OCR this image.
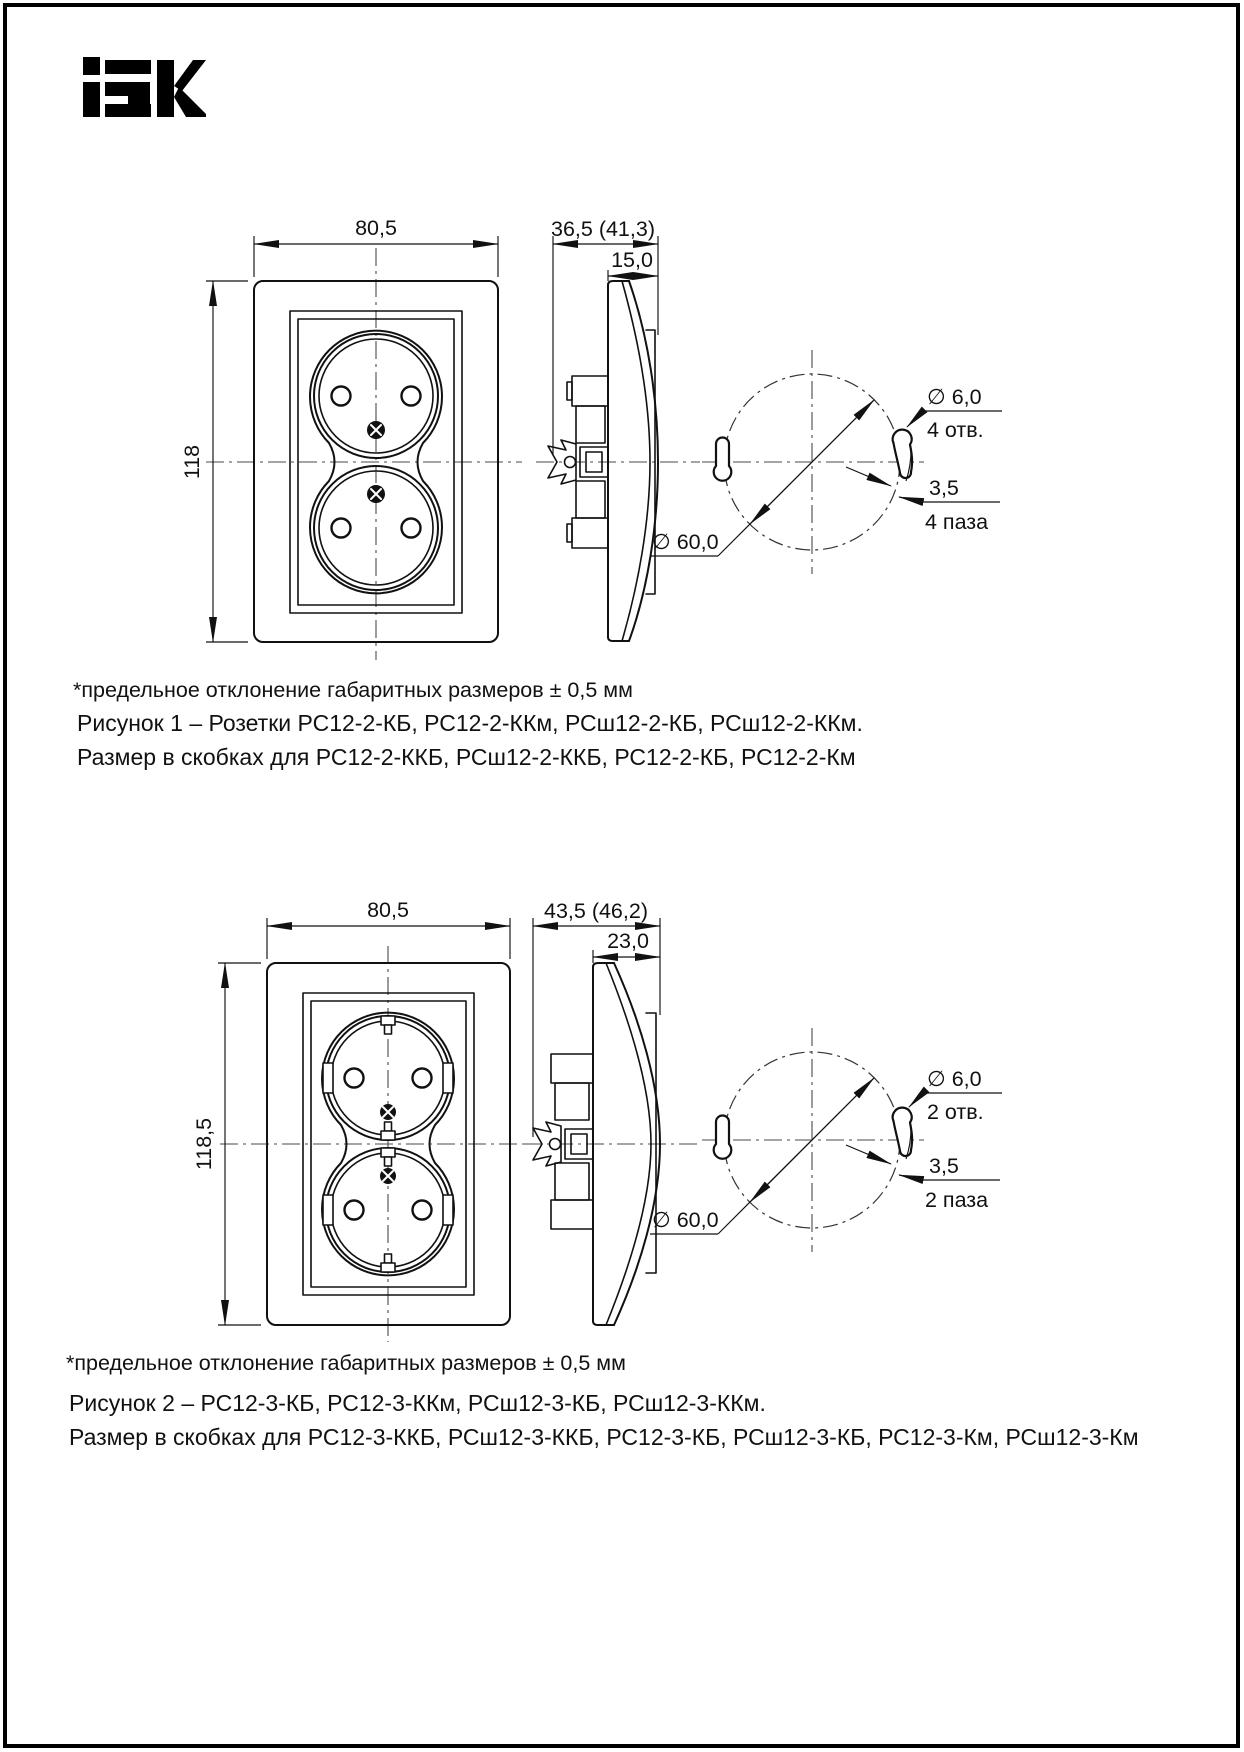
∅ 60,0
∅ 6,0
4 отв.
3,5
4 паза
80,5
118
36,5 (41,3)
15,0
∅ 60,0
∅ 6,0
2 отв.
3,5
2 паза
80,5
118,5
43,5 (46,2)
23,0
*предельное отклонение габаритных размеров ± 0,5 мм
Рисунок 1 – Розетки РС12-2-КБ, РС12-2-ККм, РСш12-2-КБ, РСш12-2-ККм.
Размер в скобках для РС12-2-ККБ, РСш12-2-ККБ, РС12-2-КБ, РС12-2-Км
*предельное отклонение габаритных размеров ± 0,5 мм
Рисунок 2 – РС12-3-КБ, РС12-3-ККм, РСш12-3-КБ, РСш12-3-ККм.
Размер в скобках для РС12-3-ККБ, РСш12-3-ККБ, РС12-3-КБ, РСш12-3-КБ, РС12-3-Км, РСш12-3-Км
